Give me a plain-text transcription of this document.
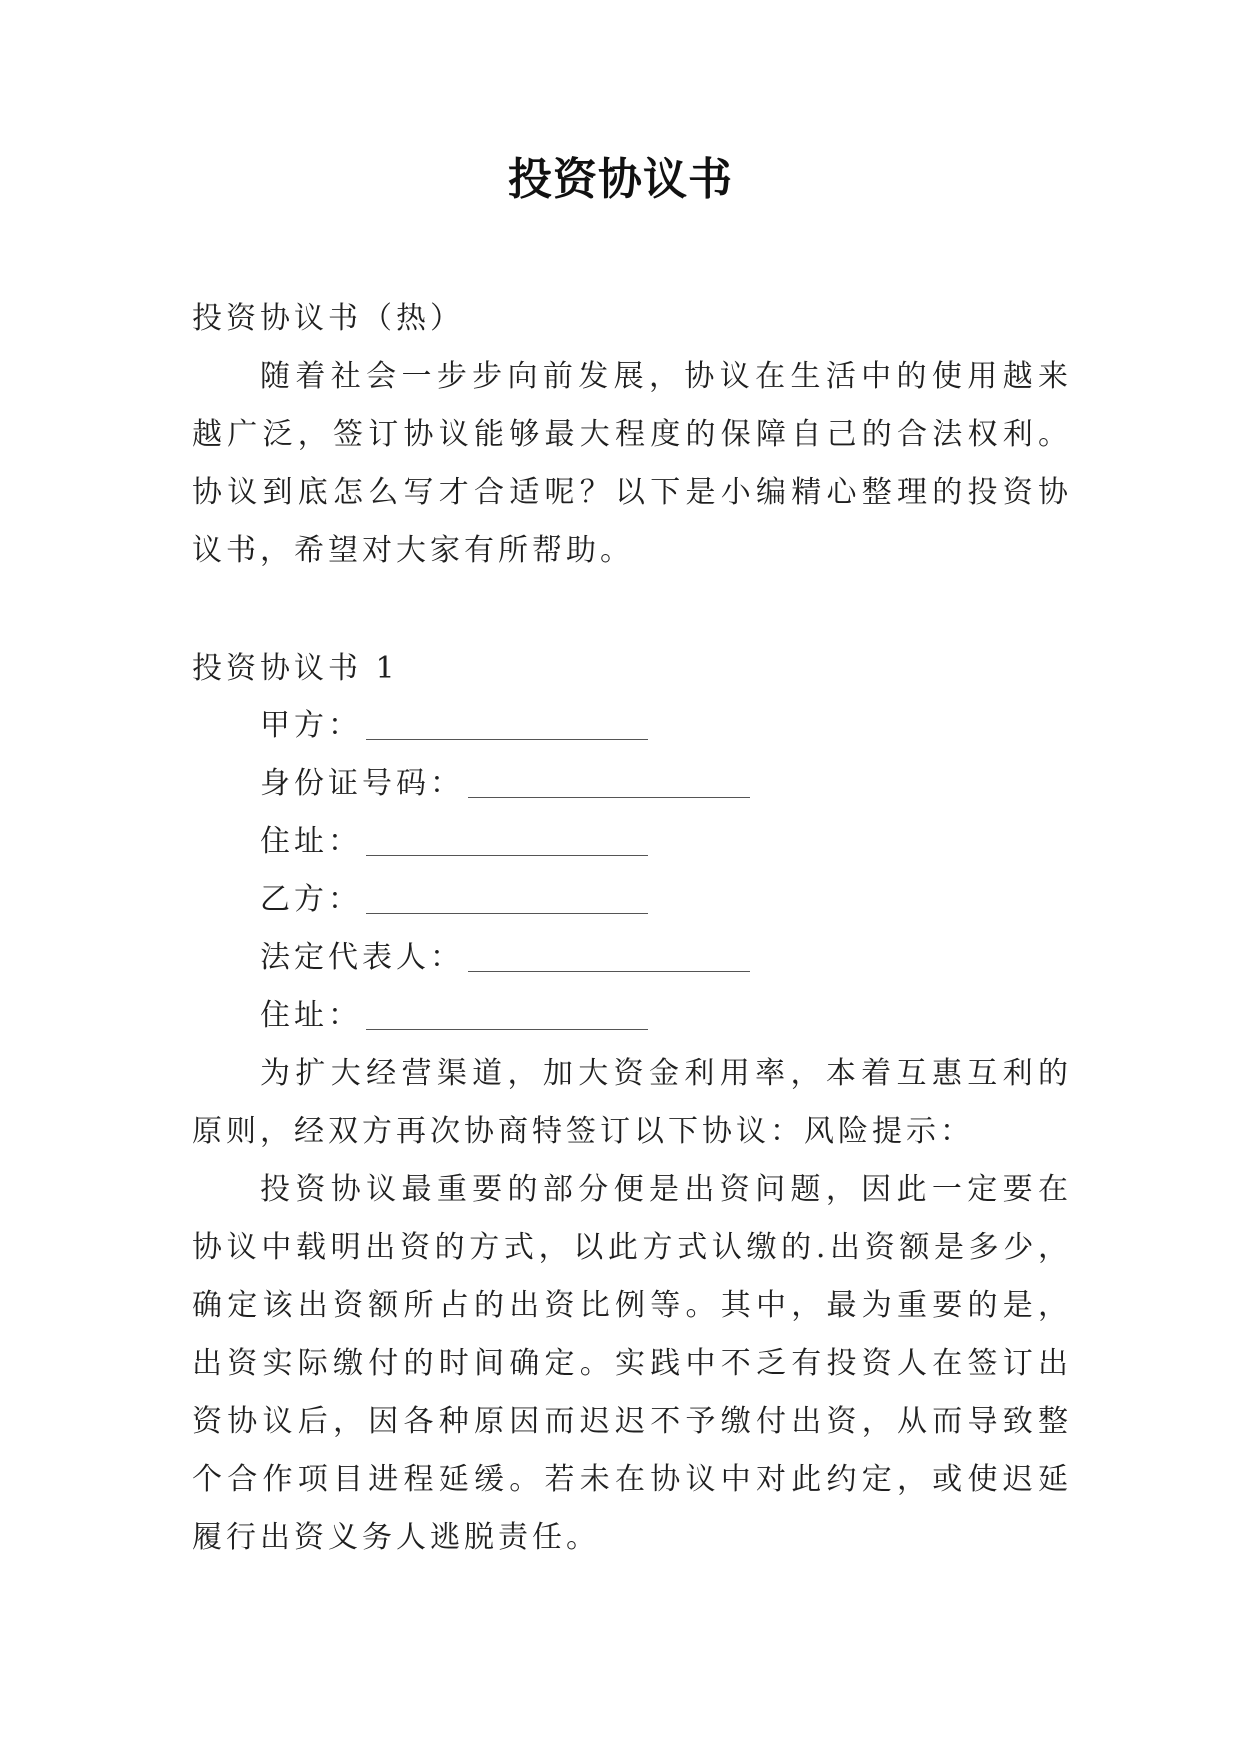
投资协议书
投资协议书（热）
随着社会一步步向前发展，协议在生活中的使用越来越广泛，签订协议能够最大程度的保障自己的合法权利。协议到底怎么写才合适呢？以下是小编精心整理的投资协议书，希望对大家有所帮助。
投资协议书 1
甲方：
身份证号码：
住址：
乙方：
法定代表人：
住址：
为扩大经营渠道，加大资金利用率，本着互惠互利的原则，经双方再次协商特签订以下协议：风险提示：
投资协议最重要的部分便是出资问题，因此一定要在协议中载明出资的方式，以此方式认缴的.出资额是多少，确定该出资额所占的出资比例等。其中，最为重要的是，出资实际缴付的时间确定。实践中不乏有投资人在签订出资协议后，因各种原因而迟迟不予缴付出资，从而导致整个合作项目进程延缓。若未在协议中对此约定，或使迟延履行出资义务人逃脱责任。
